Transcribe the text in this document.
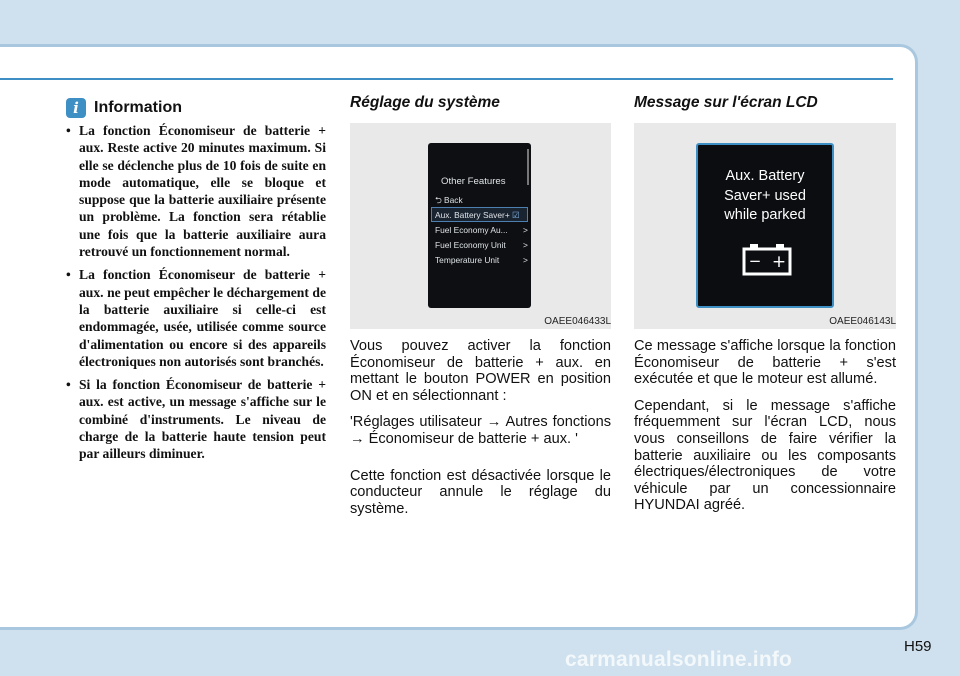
i Information
• La fonction Économiseur de batterie + aux. Reste active 20 minutes maximum. Si elle se déclenche plus de 10 fois de suite en mode automatique, elle se bloque et suppose que la batterie auxiliaire présente un problème. La fonction sera rétablie une fois que la batterie auxiliaire aura retrouvé un fonctionnement normal.
• La fonction Économiseur de batterie + aux. ne peut empêcher le déchargement de la batterie auxiliaire si celle-ci est endommagée, usée, utilisée comme source d'alimentation ou encore si des appareils électroniques non autorisés sont branchés.
• Si la fonction Économiseur de batterie + aux. est active, un message s'affiche sur le combiné d'instruments. Le niveau de charge de la batterie haute tension peut par ailleurs diminuer.
Réglage du système
Other Features
⮌ Back
Aux. Battery Saver+ ☑
Fuel Economy Au... >
Fuel Economy Unit >
Temperature Unit	>
OAEE046433L

Vous pouvez activer la fonction Économiseur de batterie + aux. en mettant le bouton POWER en position ON et en sélectionnant :

'Réglages utilisateur → Autres fonctions → Économiseur de batterie + aux. '

Cette fonction est désactivée lorsque le conducteur annule le réglage du système.

Message sur l'écran LCD
Aux. Battery
Saver+ used
while parked
− +
OAEE046143L

Ce message s'affiche lorsque la fonction Économiseur de batterie + s'est exécutée et que le moteur est allumé.

Cependant, si le message s'affiche fréquemment sur l'écran LCD, nous vous conseillons de faire vérifier la batterie auxiliaire ou les composants électriques/électroniques de votre véhicule par un concessionnaire HYUNDAI agréé.

H59
carmanualsonline.info
